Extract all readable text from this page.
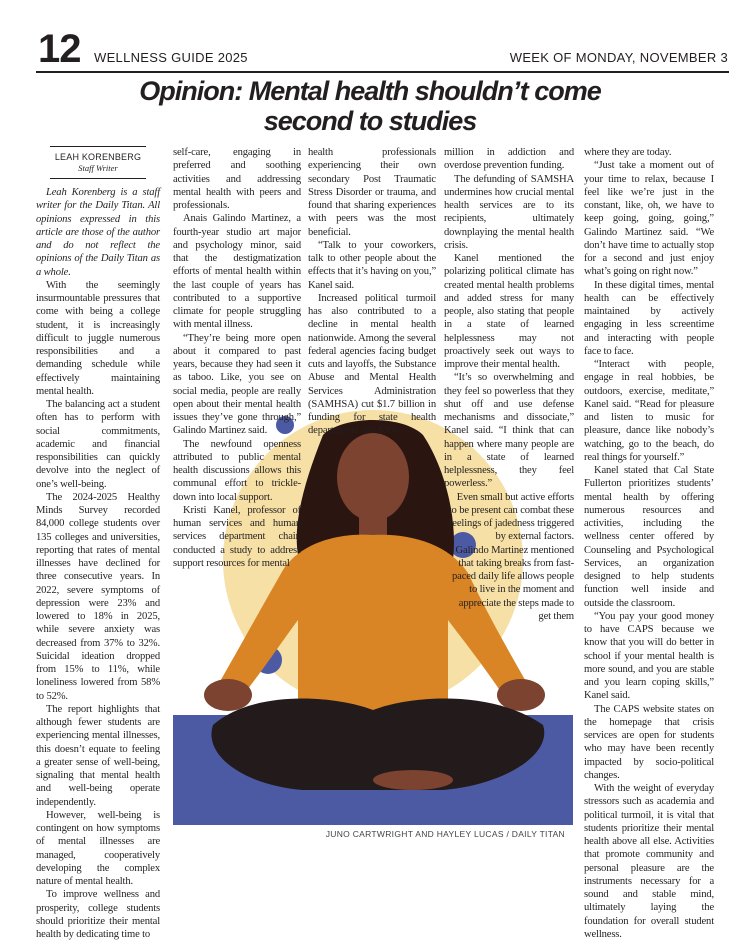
12 WELLNESS GUIDE 2025	WEEK OF MONDAY, NOVEMBER 3
Opinion: Mental health shouldn’t come
second to studies
LEAH KORENBERG
Staff Writer

Leah Korenberg is a staff writer for the Daily Titan. All opinions expressed in this article are those of the author and do not reflect the opinions of the Daily Titan as a whole.

With the seemingly insurmountable pressures that come with being a college student, it is increasingly difficult to juggle numerous responsibilities and a demanding schedule while effectively maintaining mental health.

The balancing act a student often has to perform with social commitments, academic and financial responsibilities can quickly devolve into the neglect of one’s well-being.

The 2024-2025 Healthy Minds Survey recorded 84,000 college students over 135 colleges and universities, reporting that rates of mental illnesses have declined for three consecutive years. In 2022, severe symptoms of depression were 23% and lowered to 18% in 2025, while severe anxiety was decreased from 37% to 32%. Suicidal ideation dropped from 15% to 11%, while loneliness lowered from 58% to 52%.

The report highlights that although fewer students are experiencing mental illnesses, this doesn’t equate to feeling a greater sense of well-being, signaling that mental health and well-being operate independently.

However, well-being is contingent on how symptoms of mental illnesses are managed, cooperatively developing the complex nature of mental health.

To improve wellness and prosperity, college students should prioritize their mental health by dedicating time to

self-care, engaging in preferred and soothing activities and addressing mental health with peers and professionals.

Anais Galindo Martinez, a fourth-year studio art major and psychology minor, said that the destigmatization efforts of mental health within the last couple of years has contributed to a supportive climate for people struggling with mental illness.

“They’re being more open about it compared to past years, because they had seen it as taboo. Like, you see on social media, people are really open about their mental health issues they’ve gone through,” Galindo Martinez said.

The newfound openness attributed to public mental health discussions allows this communal effort to trickle-down into local support.

Kristi Kanel, professor of human services and human services department chair, conducted a study to address support resources for mental

health professionals experiencing their own secondary Post Traumatic Stress Disorder or trauma, and found that sharing experiences with peers was the most beneficial.

“Talk to your coworkers, talk to other people about the effects that it’s having on you,” Kanel said.

Increased political turmoil has also contributed to a decline in mental health nationwide. Among the several federal agencies facing budget cuts and layoffs, the Substance Abuse and Mental Health Services Administration (SAMHSA) cut $1.7 billion in funding for state health departments and $350

million in addiction and overdose prevention funding.

The defunding of SAMSHA undermines how crucial mental health services are to its recipients, ultimately downplaying the mental health crisis.

Kanel mentioned the polarizing political climate has created mental health problems and added stress for many people, also stating that people in a state of learned helplessness may not proactively seek out ways to improve their mental health.

“It’s so overwhelming and they feel so powerless that they shut off and use defense mechanisms and dissociate,” Kanel said. “I think that can happen where many people are in a state of learned helplessness, they feel powerless.”

Even small but active efforts to be present can combat these feelings of jadedness triggered by external factors.

Galindo Martinez mentioned that taking breaks from fast-paced daily life allows people to live in the moment and appreciate the steps made to get them

where they are today.

“Just take a moment out of your time to relax, because I feel like we’re just in the constant, like, oh, we have to keep going, going, going,” Galindo Martinez said. “We don’t have time to actually stop for a second and just enjoy what’s going on right now.”

In these digital times, mental health can be effectively maintained by actively engaging in less screentime and interacting with people face to face.

“Interact with people, engage in real hobbies, be outdoors, exercise, meditate,” Kanel said. “Read for pleasure and listen to music for pleasure, dance like nobody’s watching, go to the beach, do real things for yourself.”

Kanel stated that Cal State Fullerton prioritizes students’ mental health by offering numerous resources and activities, including the wellness center offered by Counseling and Psychological Services, an organization designed to help students function well inside and outside the classroom.

“You pay your good money to have CAPS because we know that you will do better in school if your mental health is more sound, and you are stable and you learn coping skills,” Kanel said.

The CAPS website states on the homepage that crisis services are open for students who may have been recently impacted by socio-political changes.

With the weight of everyday stressors such as academia and political turmoil, it is vital that students prioritize their mental health above all else. Activities that promote community and personal pleasure are the instruments necessary for a sound and stable mind, ultimately laying the foundation for overall student wellness.

JUNO CARTWRIGHT AND HAYLEY LUCAS / DAILY TITAN
